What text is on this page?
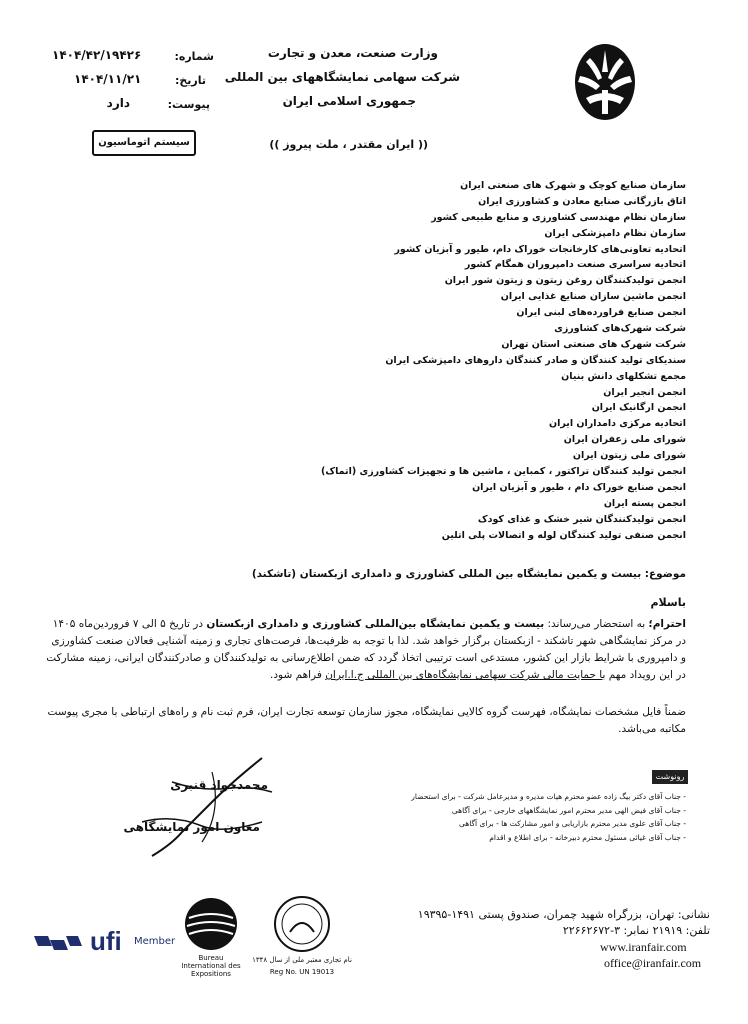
وزارت صنعت، معدن و تجارت
شرکت سهامی نمایشگاههای بین المللی
جمهوری اسلامی ایران
(( ایران مقتدر ، ملت پیروز ))
شماره:
۱۴۰۴/۴۲/۱۹۴۲۶
تاریخ:
۱۴۰۴/۱۱/۲۱
پیوست:
دارد
سیستم اتوماسیون
سازمان صنایع کوچک و شهرک های صنعتی ایران
اتاق بازرگانی صنایع معادن و کشاورزی ایران
سازمان نظام مهندسی کشاورزی و منابع طبیعی کشور
سازمان نظام دامپزشکی ایران
اتحادیه تعاونی‌های کارخانجات خوراک دام، طیور و آبزیان کشور
اتحادیه سراسری صنعت دامپروران همگام کشور
انجمن تولیدکنندگان روغن زیتون و زیتون شور ایران
انجمن ماشین سازان صنایع غذایی ایران
انجمن صنایع فراورده‌های لبنی ایران
شرکت شهرک‌های کشاورزی
شرکت شهرک های صنعتی استان تهران
سندیکای تولید کنندگان و صادر کنندگان داروهای دامپزشکی ایران
مجمع تشکلهای دانش بنیان
انجمن انجیر ایران
انجمن ارگانیک ایران
اتحادیه مرکزی دامداران ایران
شورای ملی زعفران ایران
شورای ملی زیتون ایران
انجمن تولید کنندگان تراکتور ، کمباین ، ماشین ها و تجهیزات کشاورزی (اتماک)
انجمن صنایع خوراک دام ، طیور و آبزیان ایران
انجمن پسته ایران
انجمن تولیدکنندگان شیر خشک و غذای کودک
انجمن صنفی تولید کنندگان لوله و اتصالات پلی اتلین
موضوع: بیست و یکمین نمایشگاه بین المللی کشاورزی و دامداری ازبکستان (تاشکند)
باسلام
احترام؛ به استحضار می‌رساند: بیست و یکمین نمایشگاه بین‌المللی کشاورزی و دامداری ازبکستان در تاریخ ۵ الی ۷ فروردین‌ماه ۱۴۰۵ در مرکز نمایشگاهی شهر تاشکند - ازبکستان برگزار خواهد شد. لذا با توجه به ظرفیت‌ها، فرصت‌های تجاری و زمینه آشنایی فعالان صنعت کشاورزی و دامپروری با شرایط بازار این کشور، مستدعی است ترتیبی اتخاذ گردد که ضمن اطلاع‌رسانی به تولیدکنندگان و صادرکنندگان ایرانی، زمینه مشارکت در این رویداد مهم با حمایت مالی شرکت سهامی نمایشگاه‌های بین المللی ج.ا.ایران فراهم شود.
ضمناً فایل مشخصات نمایشگاه، فهرست گروه کالایی نمایشگاه، مجوز سازمان توسعه تجارت ایران، فرم ثبت نام و راه‌های ارتباطی با مجری پیوست مکاتبه می‌باشد.
محمدجواد قنبری
معاون امور نمایشگاهی
رونوشت
- جناب آقای دکتر بیگ زاده عضو محترم هیات مدیره و مدیرعامل شرکت - برای استحضار
- جناب آقای فیض الهی مدیر محترم امور نمایشگاههای خارجی - برای آگاهی
- جناب آقای علوی مدیر محترم بازاریابی و امور مشارکت ها - برای آگاهی
- جناب آقای غیاثی مسئول محترم دبیرخانه - برای اطلاع و اقدام
ufi Member
Bureau International des Expositions
نام تجاری معتبر ملی از سال ۱۳۴۸
Reg No. UN 19013
نشانی: تهران، بزرگراه شهید چمران، صندوق پستی ۱۴۹۱-۱۹۳۹۵
تلفن: ۲۱۹۱۹ نمابر: ۳-۲۲۶۶۲۶۷۲
www.iranfair.com
office@iranfair.com
